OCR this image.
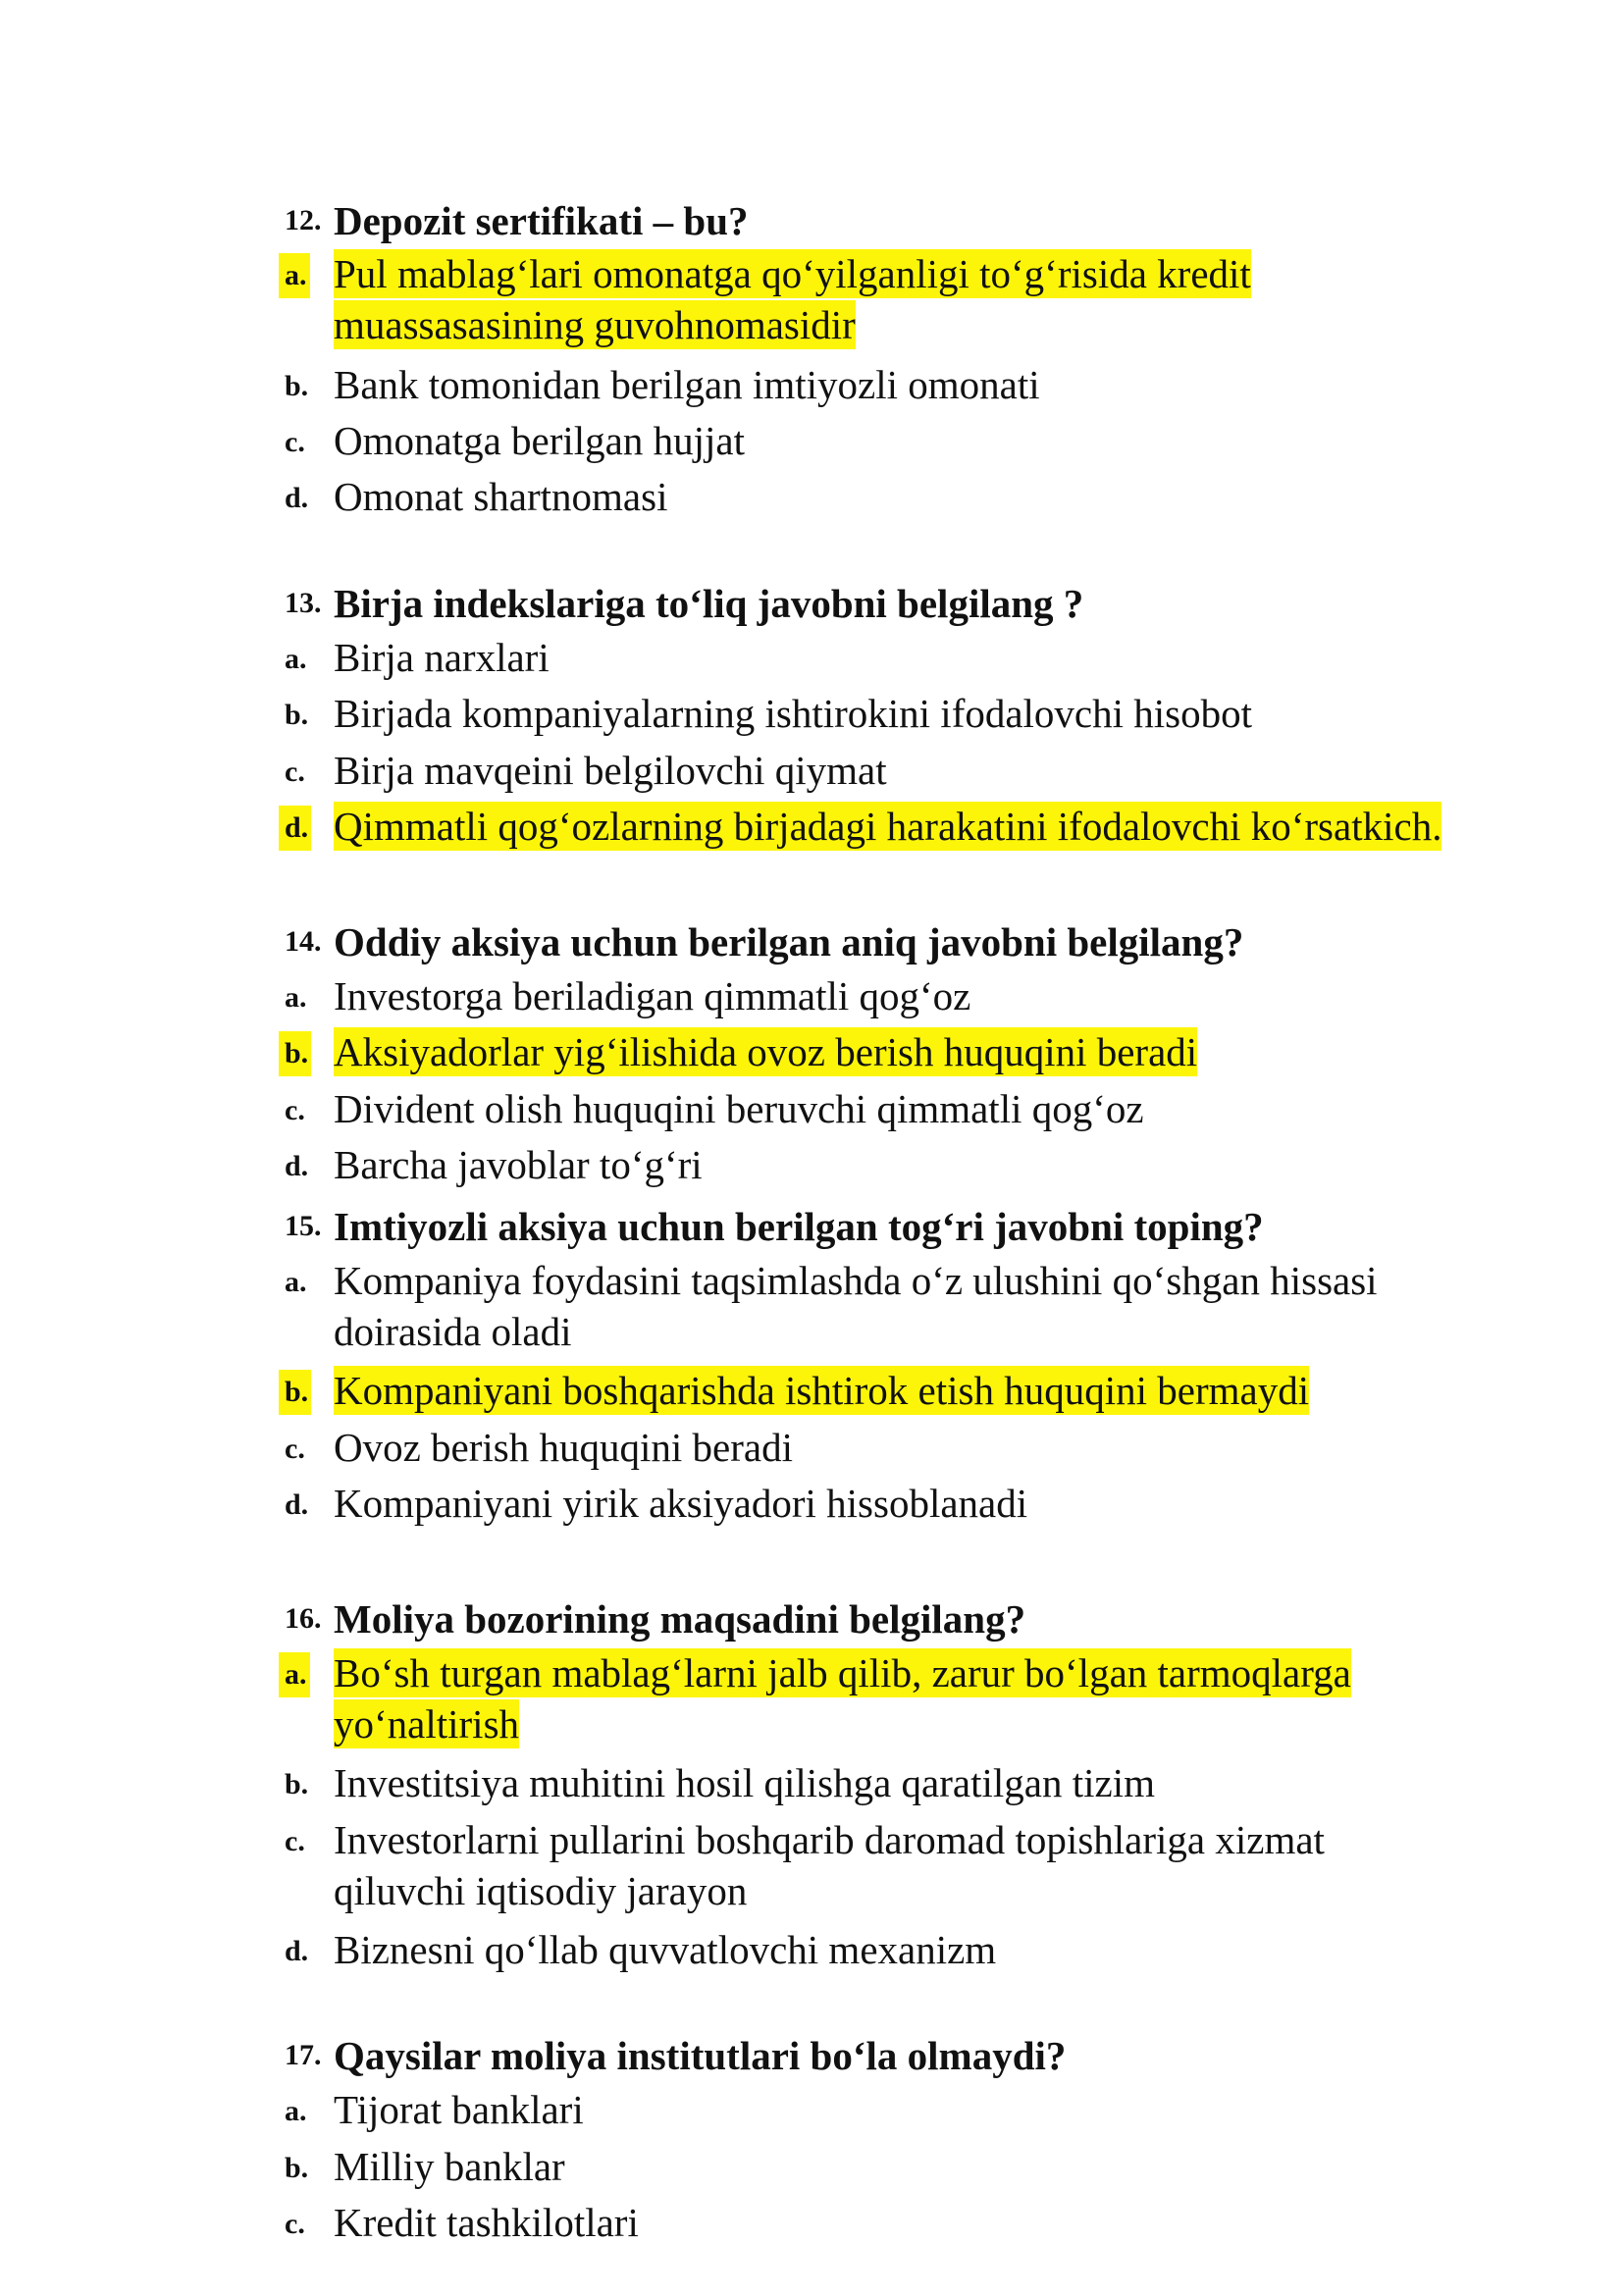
12. Depozit sertifikati – bu?
a. Pul mablag‘lari omonatga qo‘yilganligi to‘g‘risida kredit
muassasasining guvohnomasidir
b. Bank tomonidan berilgan imtiyozli omonati
c. Omonatga berilgan hujjat
d. Omonat shartnomasi
13. Birja indekslariga to‘liq javobni belgilang ?
a. Birja narxlari
b. Birjada kompaniyalarning ishtirokini ifodalovchi hisobot
c. Birja mavqeini belgilovchi qiymat
d. Qimmatli qog‘ozlarning birjadagi harakatini ifodalovchi ko‘rsatkich.
14. Oddiy aksiya uchun berilgan aniq javobni belgilang?
a. Investorga beriladigan qimmatli qog‘oz
b. Aksiyadorlar yig‘ilishida ovoz berish huquqini beradi
c. Divident olish huquqini beruvchi qimmatli qog‘oz
d. Barcha javoblar to‘g‘ri
15. Imtiyozli aksiya uchun berilgan tog‘ri javobni toping?
a. Kompaniya foydasini taqsimlashda o‘z ulushini qo‘shgan hissasi
doirasida oladi
b. Kompaniyani boshqarishda ishtirok etish huquqini bermaydi
c. Ovoz berish huquqini beradi
d. Kompaniyani yirik aksiyadori hissoblanadi
16. Moliya bozorining maqsadini belgilang?
a. Bo‘sh turgan mablag‘larni jalb qilib, zarur bo‘lgan tarmoqlarga
yo‘naltirish
b. Investitsiya muhitini hosil qilishga qaratilgan tizim
c. Investorlarni pullarini boshqarib daromad topishlariga xizmat
qiluvchi iqtisodiy jarayon
d. Biznesni qo‘llab quvvatlovchi mexanizm
17. Qaysilar moliya institutlari bo‘la olmaydi?
a. Tijorat banklari
b. Milliy banklar
c. Kredit tashkilotlari
